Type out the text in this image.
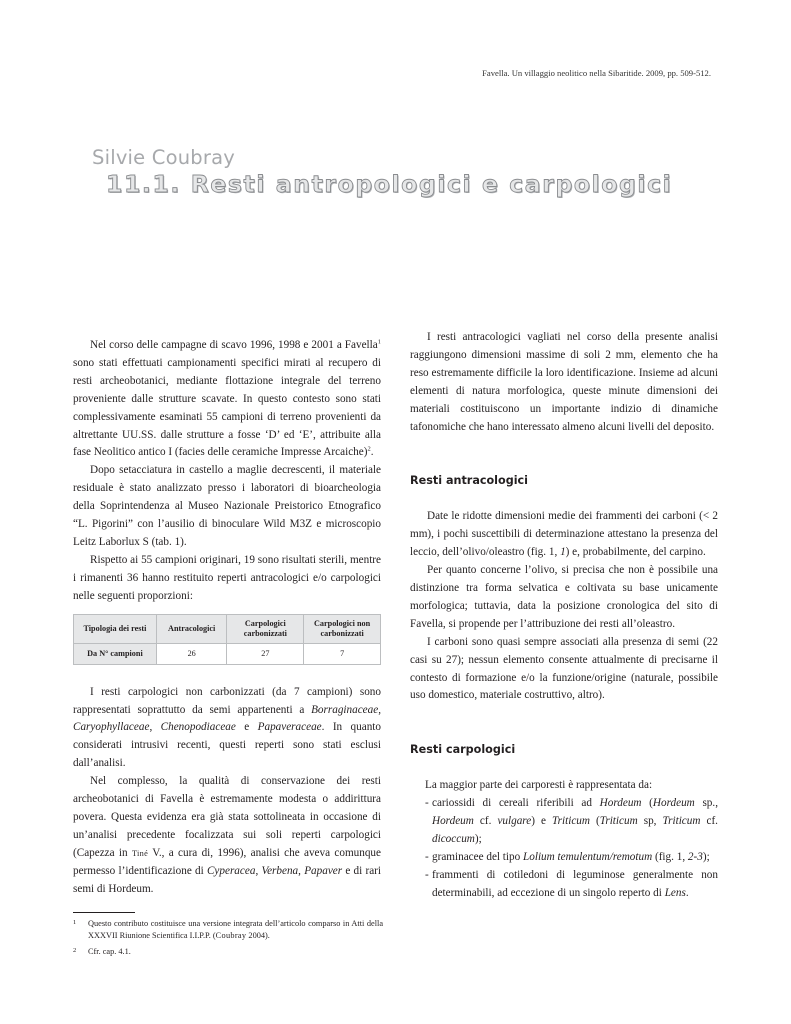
Favella. Un villaggio neolitico nella Sibaritide. 2009, pp. 509-512.
Silvie Coubray
11.1. Resti antropologici e carpologici

Nel corso delle campagne di scavo 1996, 1998 e 2001 a Favella$^1$ sono stati effettuati campionamenti specifici mirati al recupero di resti archeobotanici, mediante flottazione integrale del terreno proveniente dalle strutture scavate. In questo contesto sono stati complessivamente esaminati 55 campioni di terreno provenienti da altrettante UU.SS. dalle strutture a fosse ‘D’ ed ‘E’, attribuite alla fase Neolitico antico I (facies delle ceramiche Impresse Arcaiche)$^2$.

Dopo setacciatura in castello a maglie decrescenti, il materiale residuale è stato analizzato presso i laboratori di bioarcheologia della Soprintendenza al Museo Nazionale Preistorico Etnografico “L. Pigorini” con l’ausilio di binoculare Wild M3Z e microscopio Leitz Laborlux S (tab. 1).

Rispetto ai 55 campioni originari, 19 sono risultati sterili, mentre i rimanenti 36 hanno restituito reperti antracologici e/o carpologici nelle seguenti proporzioni:

Tipologia dei resti	Antracologici	Carpologici carbonizzati	Carpologici non carbonizzati
Da N° campioni	26	27	7

I resti carpologici non carbonizzati (da 7 campioni) sono rappresentati soprattutto da semi appartenenti a Borraginaceae, Caryophyllaceae, Chenopodiaceae e Papaveraceae. In quanto considerati intrusivi recenti, questi reperti sono stati esclusi dall’analisi.

Nel complesso, la qualità di conservazione dei resti archeobotanici di Favella è estremamente modesta o addirittura povera. Questa evidenza era già stata sottolineata in occasione di un’analisi precedente focalizzata sui soli reperti carpologici (Capezza in Tiné V., a cura di, 1996), analisi che aveva comunque permesso l’identificazione di Cyperacea, Verbena, Papaver e di rari semi di Hordeum.

1 Questo contributo costituisce una versione integrata dell’articolo comparso in Atti della XXXVII Riunione Scientifica I.I.P.P. (Coubray 2004).
2 Cfr. cap. 4.1.

I resti antracologici vagliati nel corso della presente analisi raggiungono dimensioni massime di soli 2 mm, elemento che ha reso estremamente difficile la loro identificazione. Insieme ad alcuni elementi di natura morfologica, queste minute dimensioni dei materiali costituiscono un importante indizio di dinamiche tafonomiche che hano interessato almeno alcuni livelli del deposito.

Resti antracologici

Date le ridotte dimensioni medie dei frammenti dei carboni (< 2 mm), i pochi suscettibili di determinazione attestano la presenza del leccio, dell’olivo/oleastro (fig. 1, 1) e, probabilmente, del carpino.

Per quanto concerne l’olivo, si precisa che non è possibile una distinzione tra forma selvatica e coltivata su base unicamente morfologica; tuttavia, data la posizione cronologica del sito di Favella, si propende per l’attribuzione dei resti all’oleastro.

I carboni sono quasi sempre associati alla presenza di semi (22 casi su 27); nessun elemento consente attualmente di precisarne il contesto di formazione e/o la funzione/origine (naturale, possibile uso domestico, materiale costruttivo, altro).

Resti carpologici

La maggior parte dei carporesti è rappresentata da:

- cariossidi di cereali riferibili ad Hordeum (Hordeum sp., Hordeum cf. vulgare) e Triticum (Triticum sp, Triticum cf. dicoccum);
- graminacee del tipo Lolium temulentum/remotum (fig. 1, 2-3);
- frammenti di cotiledoni di leguminose generalmente non determinabili, ad eccezione di un singolo reperto di Lens.
